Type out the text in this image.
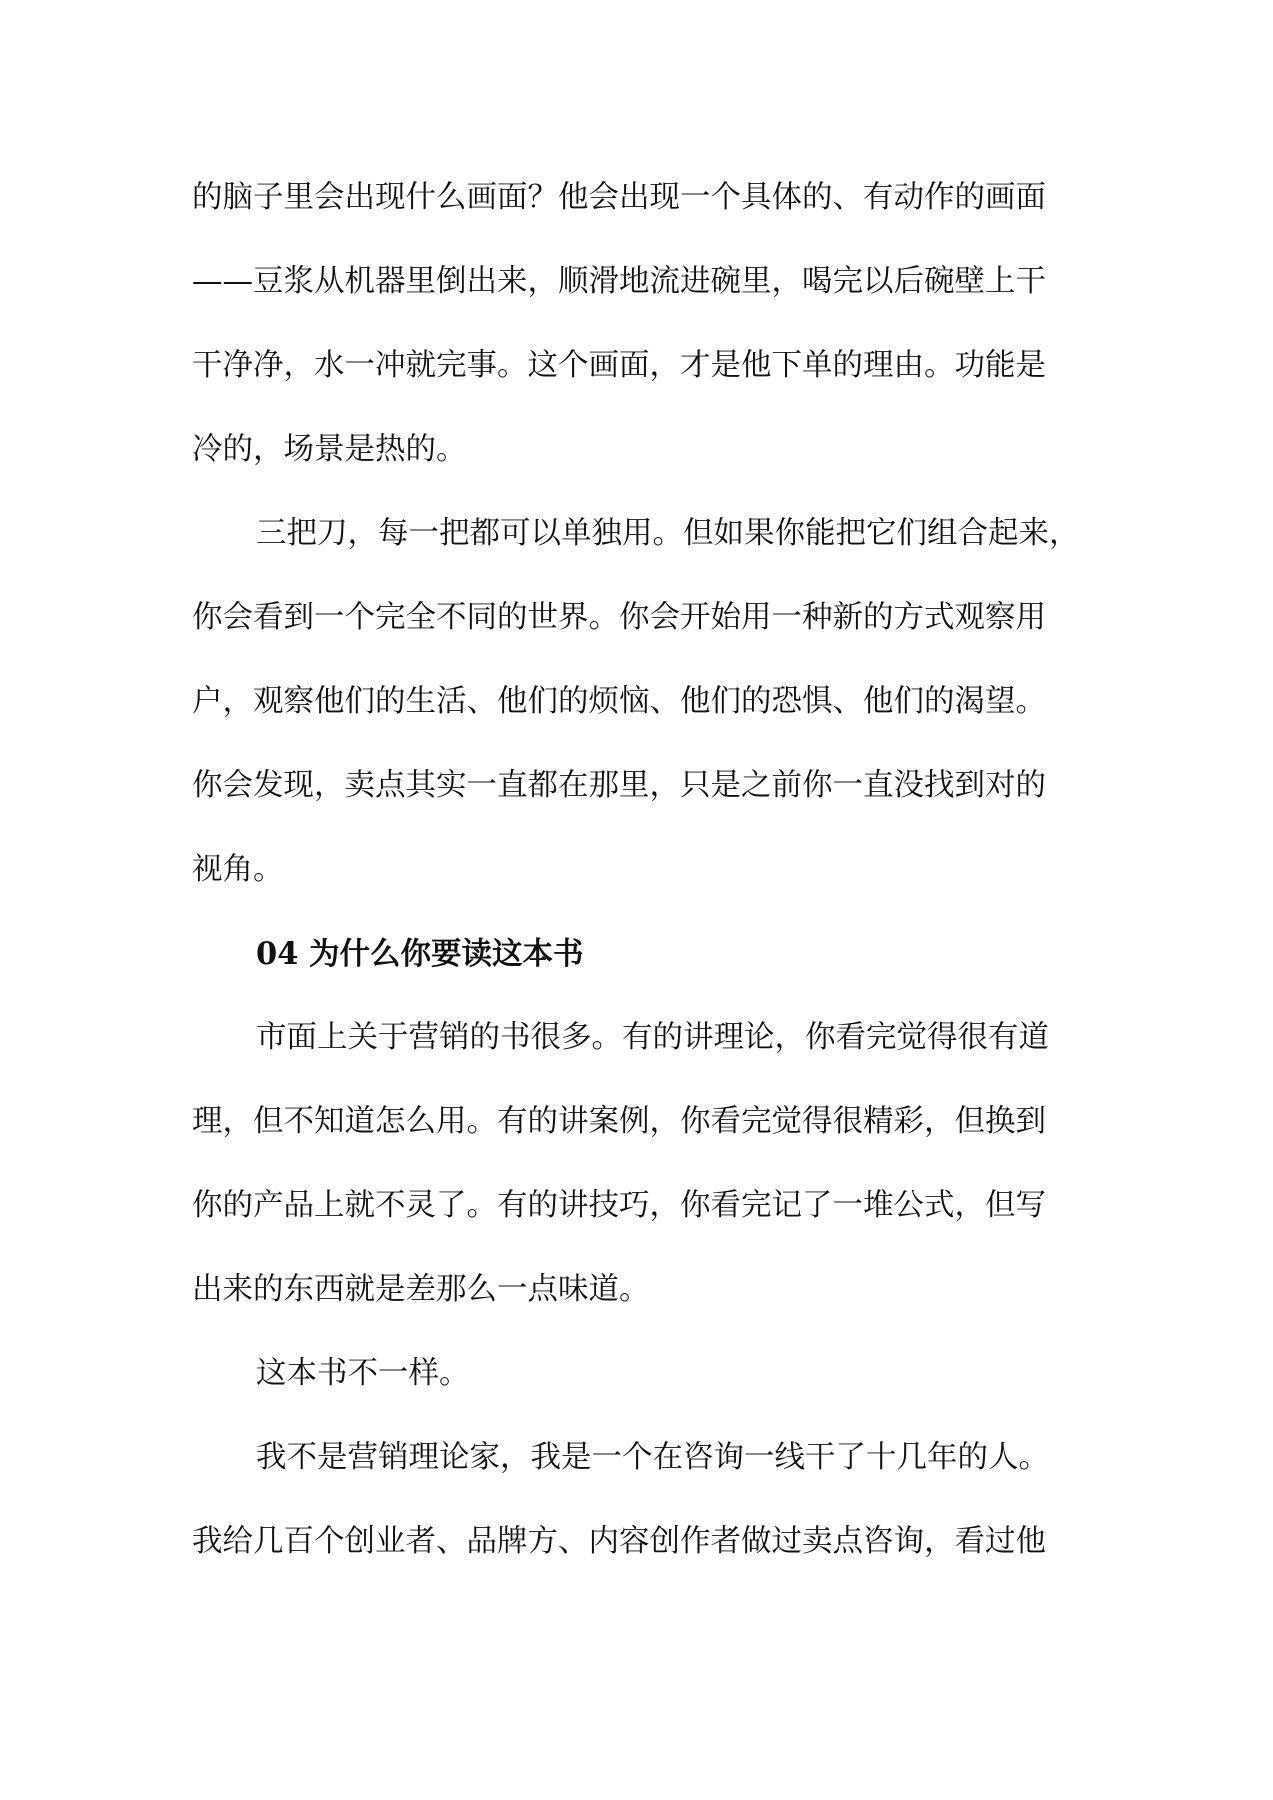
的脑子里会出现什么画面？他会出现一个具体的、有动作的画面
——豆浆从机器里倒出来，顺滑地流进碗里，喝完以后碗壁上干
干净净，水一冲就完事。这个画面，才是他下单的理由。功能是
冷的，场景是热的。
三把刀，每一把都可以单独用。但如果你能把它们组合起来，
你会看到一个完全不同的世界。你会开始用一种新的方式观察用
户，观察他们的生活、他们的烦恼、他们的恐惧、他们的渴望。
你会发现，卖点其实一直都在那里，只是之前你一直没找到对的
视角。
04 为什么你要读这本书
市面上关于营销的书很多。有的讲理论，你看完觉得很有道
理，但不知道怎么用。有的讲案例，你看完觉得很精彩，但换到
你的产品上就不灵了。有的讲技巧，你看完记了一堆公式，但写
出来的东西就是差那么一点味道。
这本书不一样。
我不是营销理论家，我是一个在咨询一线干了十几年的人。
我给几百个创业者、品牌方、内容创作者做过卖点咨询，看过他
